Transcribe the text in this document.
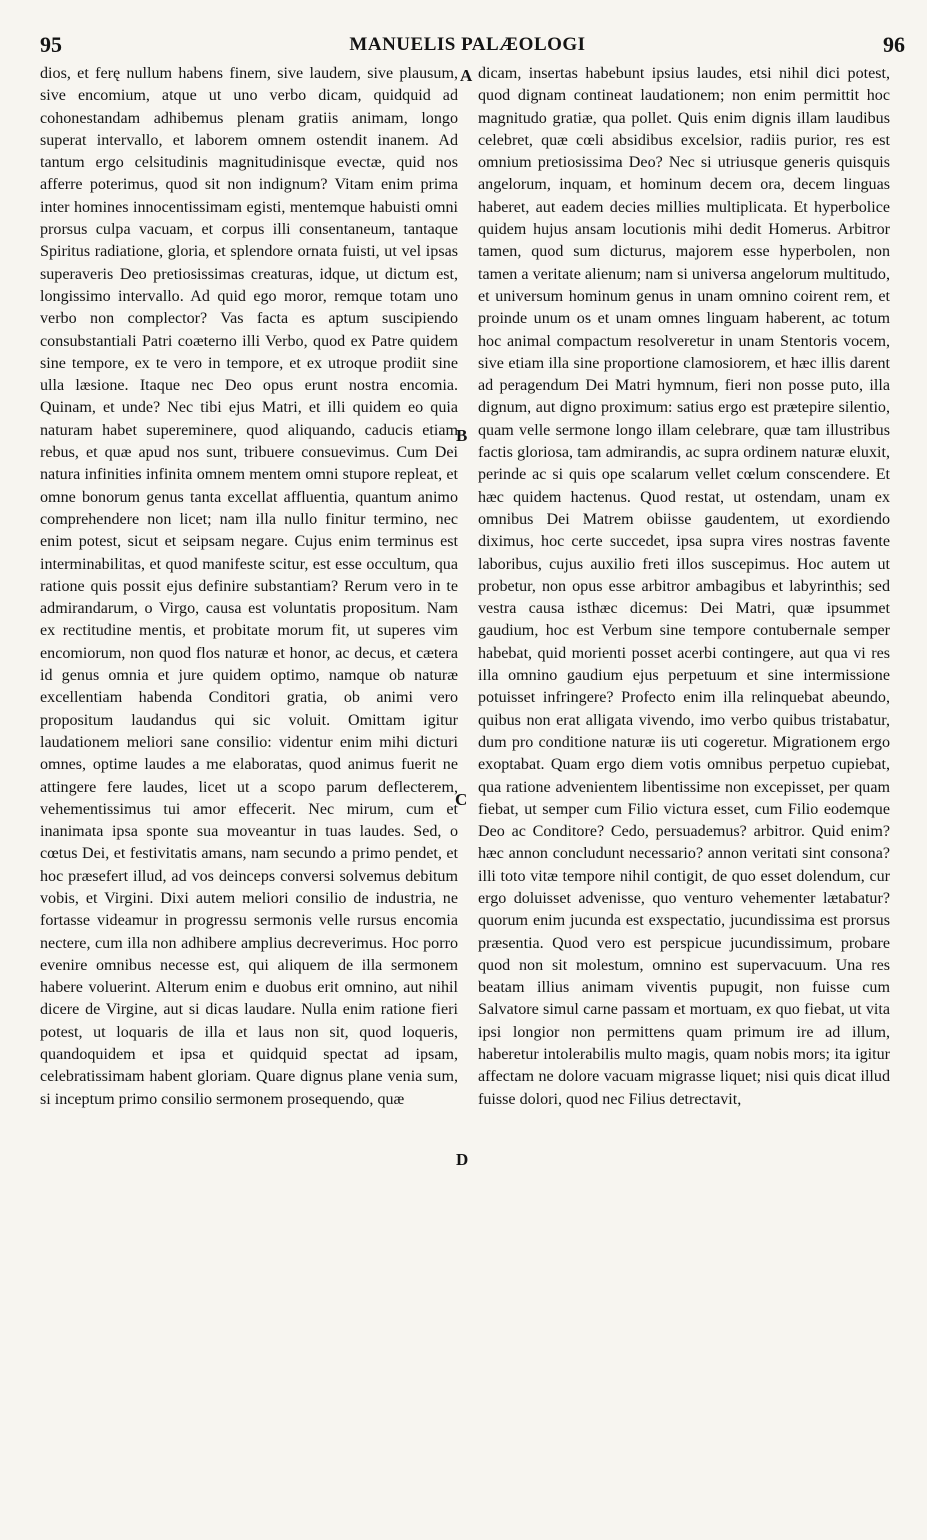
95	MANUELIS PALÆOLOGI	96

dios, et ferę nullum habens finem, sive laudem, sive plausum, sive encomium, atque ut uno verbo dicam, quidquid ad cohonestandam adhibemus plenam gratiis animam, longo superat intervallo, et laborem omnem ostendit inanem. Ad tantum ergo celsitudinis magnitudinisque evectæ, quid nos afferre poterimus, quod sit non indignum? Vitam enim prima inter homines innocentissimam egisti, mentemque habuisti omni prorsus culpa vacuam, et corpus illi consentaneum, tantaque Spiritus radiatione, gloria, et splendore ornata fuisti, ut vel ipsas superaveris Deo pretiosissimas creaturas, idque, ut dictum est, longissimo intervallo. Ad quid ego moror, remque totam uno verbo non complector? Vas facta es aptum suscipiendo consubstantiali Patri coæterno illi Verbo, quod ex Patre quidem sine tempore, ex te vero in tempore, et ex utroque prodiit sine ulla læsione. Itaque nec Deo opus erunt nostra encomia. Quinam, et unde? Nec tibi ejus Matri, et illi quidem eo quia naturam habet supereminere, quod aliquando, caducis etiam rebus, et quæ apud nos sunt, tribuere consuevimus. Cum Dei natura infinities infinita omnem mentem omni stupore repleat, et omne bonorum genus tanta excellat affluentia, quantum animo comprehendere non licet; nam illa nullo finitur termino, nec enim potest, sicut et seipsam negare. Cujus enim terminus est interminabilitas, et quod manifeste scitur, est esse occultum, qua ratione quis possit ejus definire substantiam? Rerum vero in te admirandarum, o Virgo, causa est voluntatis propositum. Nam ex rectitudine mentis, et probitate morum fit, ut superes vim encomiorum, non quod flos naturæ et honor, ac decus, et cætera id genus omnia et jure quidem optimo, namque ob naturæ excellentiam habenda Conditori gratia, ob animi vero propositum laudandus qui sic voluit. Omittam igitur laudationem meliori sane consilio: videntur enim mihi dicturi omnes, optime laudes a me elaboratas, quod animus fuerit ne attingere fere laudes, licet ut a scopo parum deflecterem, vehementissimus tui amor effecerit. Nec mirum, cum et inanimata ipsa sponte sua moveantur in tuas laudes. Sed, o cœtus Dei, et festivitatis amans, nam secundo a primo pendet, et hoc præsefert illud, ad vos deinceps conversi solvemus debitum vobis, et Virgini. Dixi autem meliori consilio de industria, ne fortasse videamur in progressu sermonis velle rursus encomia nectere, cum illa non adhibere amplius decreverimus. Hoc porro evenire omnibus necesse est, qui aliquem de illa sermonem habere voluerint. Alterum enim e duobus erit omnino, aut nihil dicere de Virgine, aut si dicas laudare. Nulla enim ratione fieri potest, ut loquaris de illa et laus non sit, quod loqueris, quandoquidem et ipsa et quidquid spectat ad ipsam, celebratissimam habent gloriam. Quare dignus plane venia sum, si inceptum primo consilio sermonem prosequendo, quæ

A
B
C
D

dicam, insertas habebunt ipsius laudes, etsi nihil dici potest, quod dignam contineat laudationem; non enim permittit hoc magnitudo gratiæ, qua pollet. Quis enim dignis illam laudibus celebret, quæ cœli absidibus excelsior, radiis purior, res est omnium pretiosissima Deo? Nec si utriusque generis quisquis angelorum, inquam, et hominum decem ora, decem linguas haberet, aut eadem decies millies multiplicata. Et hyperbolice quidem hujus ansam locutionis mihi dedit Homerus. Arbitror tamen, quod sum dicturus, majorem esse hyperbolen, non tamen a veritate alienum; nam si universa angelorum multitudo, et universum hominum genus in unam omnino coirent rem, et proinde unum os et unam omnes linguam haberent, ac totum hoc animal compactum resolveretur in unam Stentoris vocem, sive etiam illa sine proportione clamosiorem, et hæc illis darent ad peragendum Dei Matri hymnum, fieri non posse puto, illa dignum, aut digno proximum: satius ergo est prætерire silentio, quam velle sermone longo illam celebrare, quæ tam illustribus factis gloriosa, tam admirandis, ac supra ordinem naturæ eluxit, perinde ac si quis ope scalarum vellet cœlum conscendere. Et hæc quidem hactenus. Quod restat, ut ostendam, unam ex omnibus Dei Matrem obiisse gaudentem, ut exordiendo diximus, hoc certe succedet, ipsa supra vires nostras favente laboribus, cujus auxilio freti illos suscepimus. Hoc autem ut probetur, non opus esse arbitror ambagibus et labyrinthis; sed vestra causa isthæc dicemus: Dei Matri, quæ ipsummet gaudium, hoc est Verbum sine tempore contubernale semper habebat, quid morienti posset acerbi contingere, aut qua vi res illa omnino gaudium ejus perpetuum et sine intermissione potuisset infringere? Profecto enim illa relinquebat abeundo, quibus non erat alligata vivendo, imo verbo quibus tristabatur, dum pro conditione naturæ iis uti cogeretur. Migrationem ergo exoptabat. Quam ergo diem votis omnibus perpetuo cupiebat, qua ratione advenientem libentissime non excepisset, per quam fiebat, ut semper cum Filio victura esset, cum Filio eodemque Deo ac Conditore? Cedo, persuademus? arbitror. Quid enim? hæc annon concludunt necessario? annon veritati sint consona? illi toto vitæ tempore nihil contigit, de quo esset dolendum, cur ergo doluisset advenisse, quo venturo vehementer lætabatur? quorum enim jucunda est exspectatio, jucundissima est prorsus præsentia. Quod vero est perspicue jucundissimum, probare quod non sit molestum, omnino est supervacuum. Una res beatam illius animam viventis pupugit, non fuisse cum Salvatore simul carne passam et mortuam, ex quo fiebat, ut vita ipsi longior non permittens quam primum ire ad illum, haberetur intolerabilis multo magis, quam nobis mors; ita igitur affectam ne dolore vacuam migrasse liquet; nisi quis dicat illud fuisse dolori, quod nec Filius detrectavit,
